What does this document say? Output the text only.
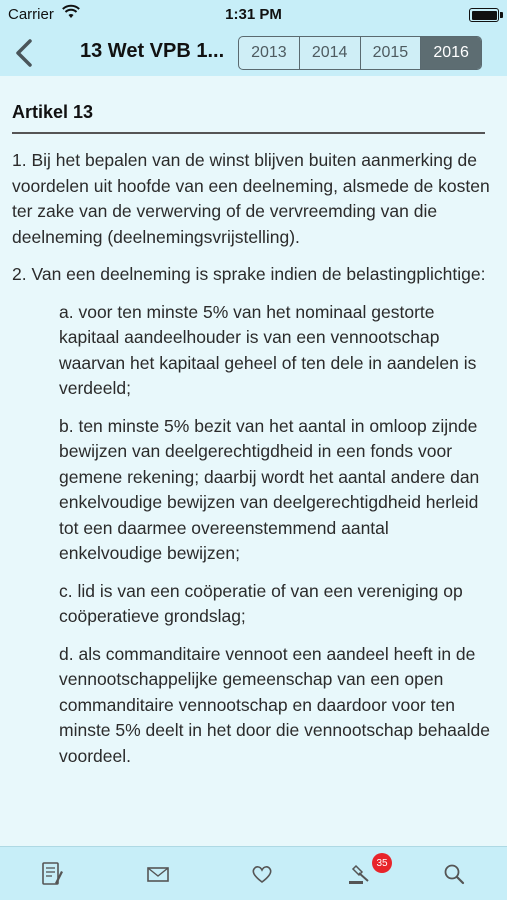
Carrier	1:31 PM
13 Wet VPB 1...	2013	2014	2015	2016
Artikel 13

1. Bij het bepalen van de winst blijven buiten aanmerking de voordelen uit hoofde van een deelneming, alsmede de kosten ter zake van de verwerving of de vervreemding van die deelneming (deelnemingsvrijstelling).

2. Van een deelneming is sprake indien de belastingplichtige:

a. voor ten minste 5% van het nominaal gestorte kapitaal aandeelhouder is van een vennootschap waarvan het kapitaal geheel of ten dele in aandelen is verdeeld;

b. ten minste 5% bezit van het aantal in omloop zijnde bewijzen van deelgerechtigdheid in een fonds voor gemene rekening; daarbij wordt het aantal andere dan enkelvoudige bewijzen van deelgerechtigdheid herleid tot een daarmee overeenstemmend aantal enkelvoudige bewijzen;

c. lid is van een coöperatie of van een vereniging op coöperatieve grondslag;

d. als commanditaire vennoot een aandeel heeft in de vennootschappelijke gemeenschap van een open commanditaire vennootschap en daardoor voor ten minste 5% deelt in het door die vennootschap behaalde voordeel.

35
